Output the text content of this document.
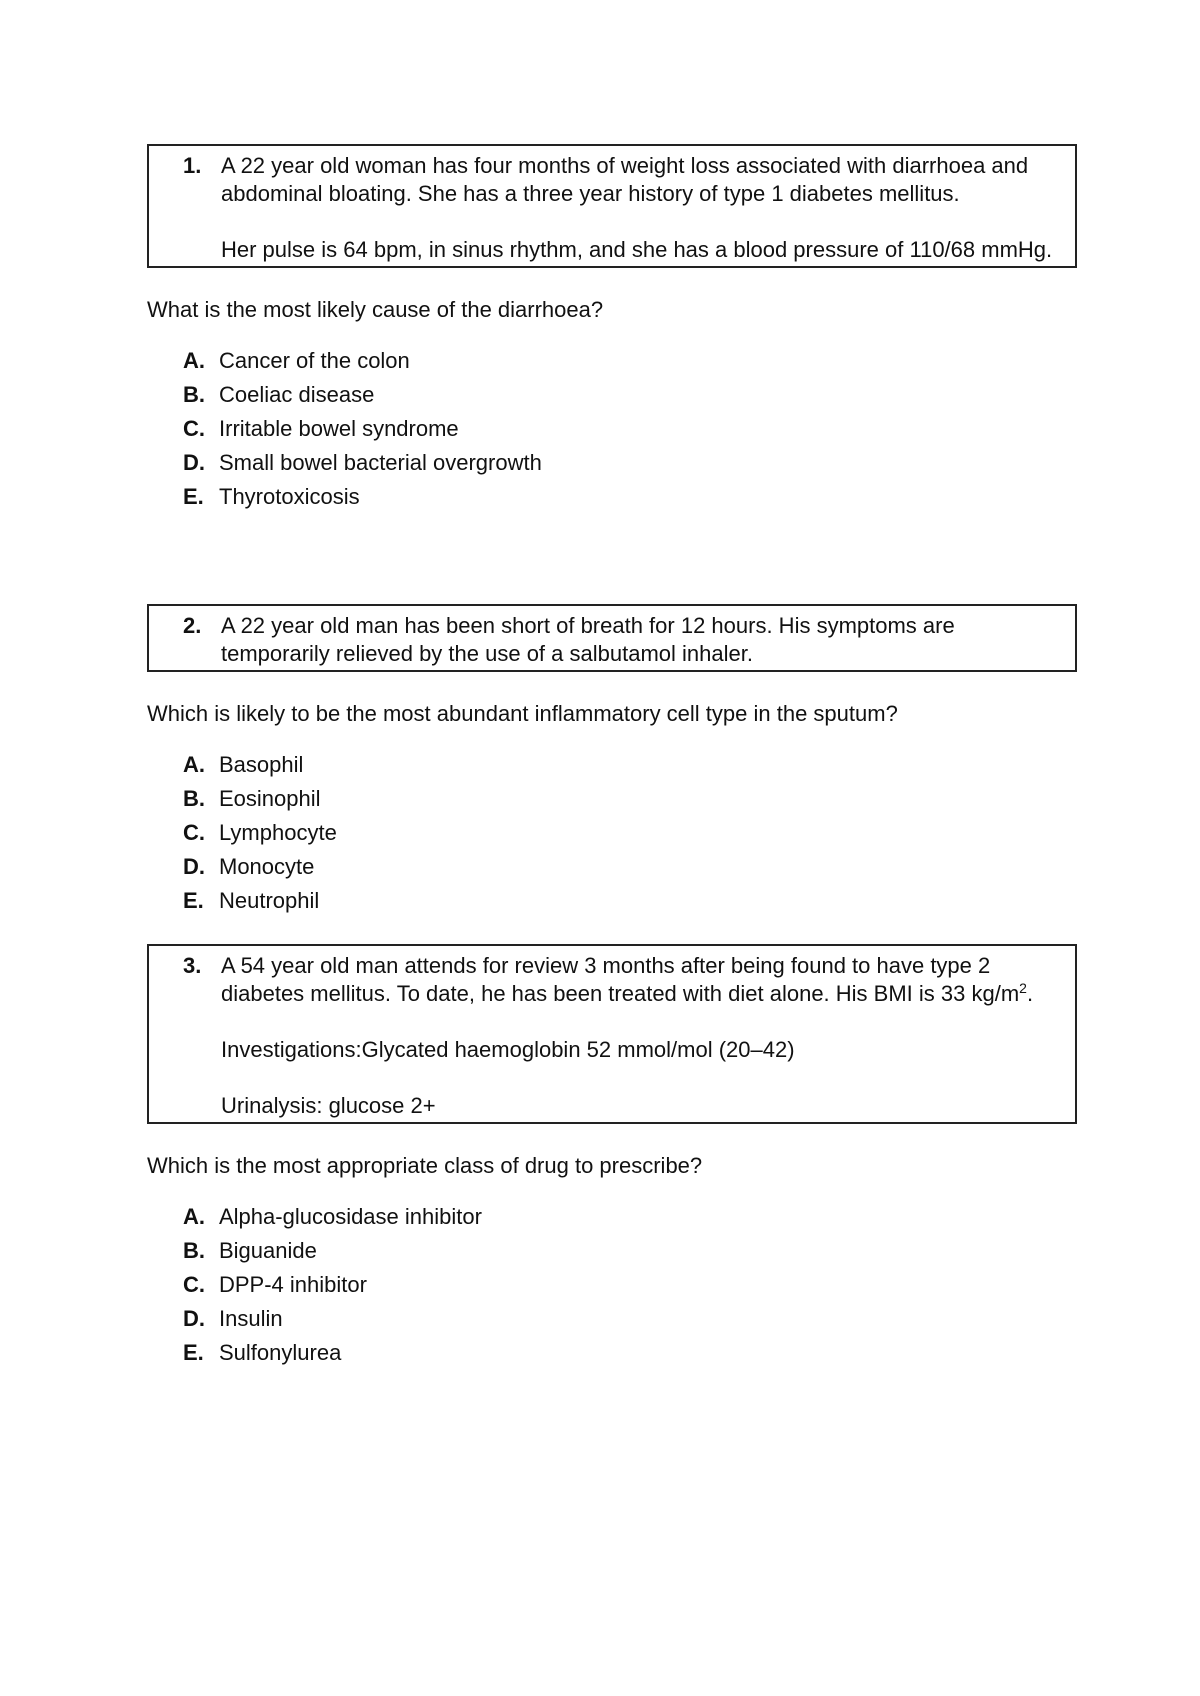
1. A 22 year old woman has four months of weight loss associated with diarrhoea and abdominal bloating. She has a three year history of type 1 diabetes mellitus.

Her pulse is 64 bpm, in sinus rhythm, and she has a blood pressure of 110/68 mmHg.

What is the most likely cause of the diarrhoea?

A. Cancer of the colon
B. Coeliac disease
C. Irritable bowel syndrome
D. Small bowel bacterial overgrowth
E. Thyrotoxicosis
2. A 22 year old man has been short of breath for 12 hours. His symptoms are temporarily relieved by the use of a salbutamol inhaler.

Which is likely to be the most abundant inflammatory cell type in the sputum?

A. Basophil
B. Eosinophil
C. Lymphocyte
D. Monocyte
E. Neutrophil
3. A 54 year old man attends for review 3 months after being found to have type 2 diabetes mellitus. To date, he has been treated with diet alone. His BMI is 33 $kg/m^2$.

Investigations:Glycated haemoglobin 52 mmol/mol (20–42)

Urinalysis: glucose 2+

Which is the most appropriate class of drug to prescribe?

A. Alpha-glucosidase inhibitor
B. Biguanide
C. DPP-4 inhibitor
D. Insulin
E. Sulfonylurea
